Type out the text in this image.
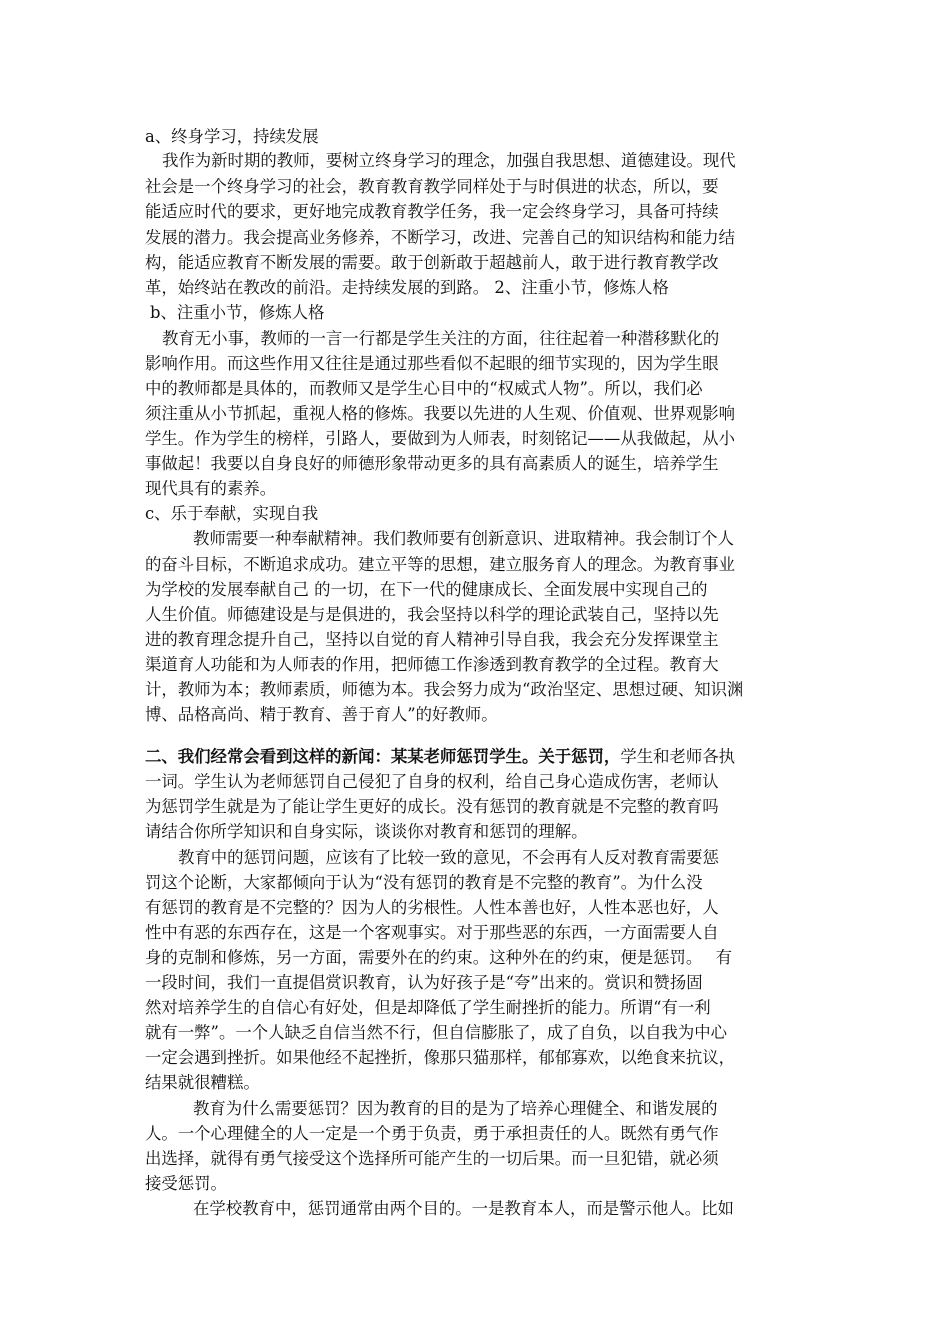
a、终身学习，持续发展
我作为新时期的教师，要树立终身学习的理念，加强自我思想、道德建设。现代
社会是一个终身学习的社会，教育教育教学同样处于与时俱进的状态，所以，要
能适应时代的要求，更好地完成教育教学任务，我一定会终身学习，具备可持续
发展的潜力。我会提高业务修养，不断学习，改进、完善自己的知识结构和能力结
构，能适应教育不断发展的需要。敢于创新敢于超越前人，敢于进行教育教学改
革，始终站在教改的前沿。走持续发展的到路。 2、注重小节，修炼人格
b、注重小节，修炼人格
教育无小事，教师的一言一行都是学生关注的方面，往往起着一种潜移默化的
影响作用。而这些作用又往往是通过那些看似不起眼的细节实现的，因为学生眼
中的教师都是具体的，而教师又是学生心目中的“权威式人物”。所以，我们必
须注重从小节抓起，重视人格的修炼。我要以先进的人生观、价值观、世界观影响
学生。作为学生的榜样，引路人，要做到为人师表，时刻铭记——从我做起，从小
事做起！我要以自身良好的师德形象带动更多的具有高素质人的诞生，培养学生
现代具有的素养。
c、乐于奉献，实现自我
教师需要一种奉献精神。我们教师要有创新意识、进取精神。我会制订个人
的奋斗目标，不断追求成功。建立平等的思想，建立服务育人的理念。为教育事业
为学校的发展奉献自己 的一切，在下一代的健康成长、全面发展中实现自己的
人生价值。师德建设是与是俱进的，我会坚持以科学的理论武装自己，坚持以先
进的教育理念提升自己，坚持以自觉的育人精神引导自我，我会充分发挥课堂主
渠道育人功能和为人师表的作用，把师德工作渗透到教育教学的全过程。教育大
计，教师为本；教师素质，师德为本。我会努力成为“政治坚定、思想过硬、知识渊
博、品格高尚、精于教育、善于育人”的好教师。
二、我们经常会看到这样的新闻：某某老师惩罚学生。关于惩罚，学生和老师各执
一词。学生认为老师惩罚自己侵犯了自身的权利，给自己身心造成伤害，老师认
为惩罚学生就是为了能让学生更好的成长。没有惩罚的教育就是不完整的教育吗
请结合你所学知识和自身实际，谈谈你对教育和惩罚的理解。
教育中的惩罚问题，应该有了比较一致的意见，不会再有人反对教育需要惩
罚这个论断，大家都倾向于认为“没有惩罚的教育是不完整的教育”。为什么没
有惩罚的教育是不完整的？因为人的劣根性。人性本善也好，人性本恶也好，人
性中有恶的东西存在，这是一个客观事实。对于那些恶的东西，一方面需要人自
身的克制和修炼，另一方面，需要外在的约束。这种外在的约束，便是惩罚。　 有
一段时间，我们一直提倡赏识教育，认为好孩子是“夸”出来的。赏识和赞扬固
然对培养学生的自信心有好处，但是却降低了学生耐挫折的能力。所谓“有一利
就有一弊”。一个人缺乏自信当然不行，但自信膨胀了，成了自负，以自我为中心
一定会遇到挫折。如果他经不起挫折，像那只猫那样，郁郁寡欢，以绝食来抗议，
结果就很糟糕。
教育为什么需要惩罚？因为教育的目的是为了培养心理健全、和谐发展的
人。一个心理健全的人一定是一个勇于负责，勇于承担责任的人。既然有勇气作
出选择，就得有勇气接受这个选择所可能产生的一切后果。而一旦犯错，就必须
接受惩罚。
在学校教育中，惩罚通常由两个目的。一是教育本人，而是警示他人。比如
